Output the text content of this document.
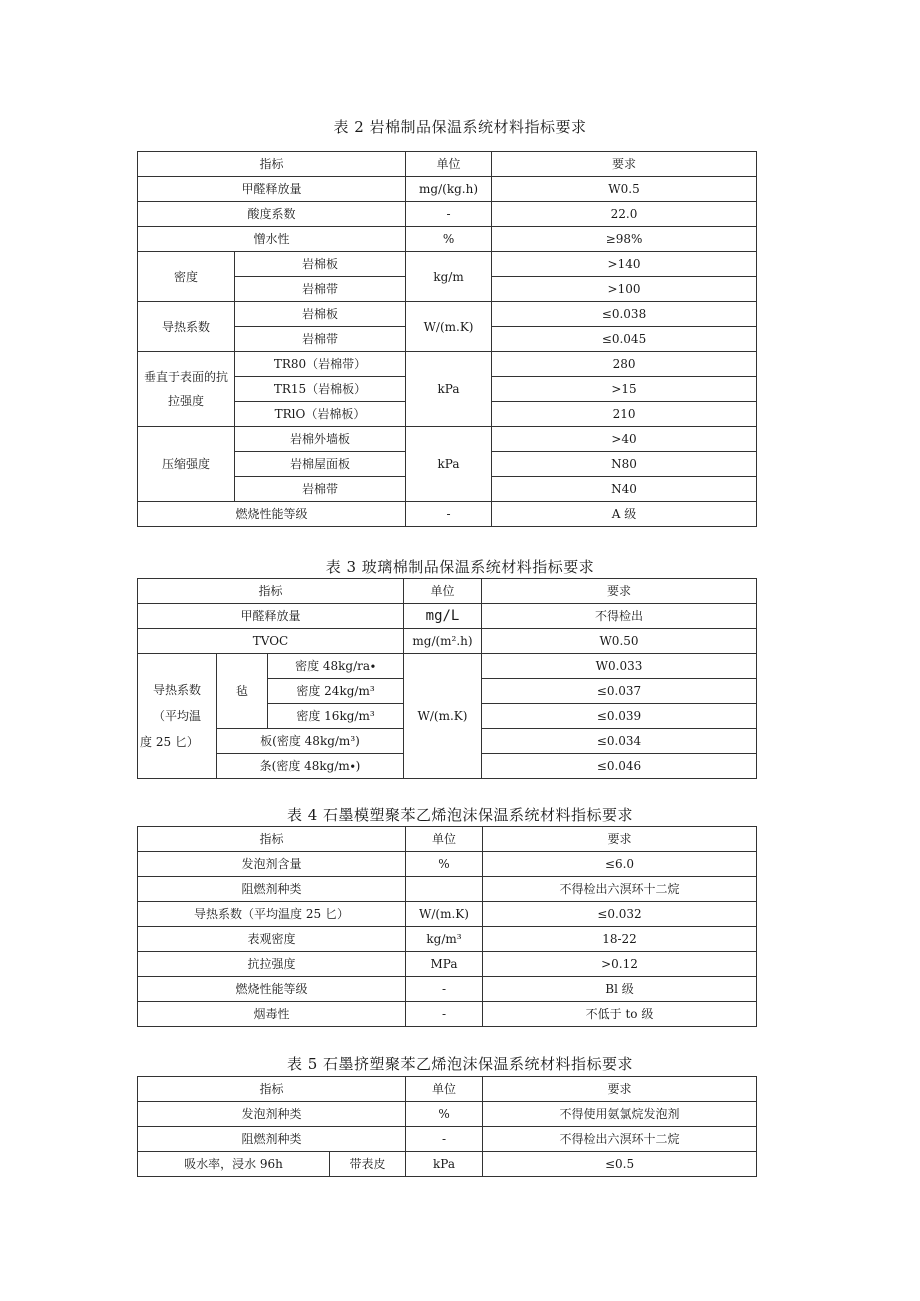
表 2 岩棉制品保温系统材料指标要求
指标		单位	要求
甲醛释放量		mg∕(kg.h)	W0.5
酸度系数		-	22.0
憎水性		%	≥98%
密度	岩棉板	kg/m	>140
	岩棉带		>100
导热系数	岩棉板	W∕(m.K)	≤0.038
	岩棉带		≤0.045
垂直于表面的抗拉强度	TR80（岩棉带）	kPa	280
	TR15（岩棉板）		>15
	TRlO（岩棉板）		210
压缩强度	岩棉外墙板	kPa	>40
	岩棉屋面板		N80
	岩棉带		N40
燃烧性能等级		-	A 级
表 3 玻璃棉制品保温系统材料指标要求
指标			单位	要求
甲醛释放量			mg/L	不得检出
TVOC			mg∕(m².h)	W0.50

导热系数
（平均温
度 25 匕）	毡	密度 48kg∕ra∙	W∕(m.K)	W0.033
		密度 24kg∕m³		≤0.037
		密度 16kg∕m³		≤0.039
	板(密度 48kg∕m³)			≤0.034
	条(密度 48kg∕m∙)			≤0.046
表 4 石墨模塑聚苯乙烯泡沫保温系统材料指标要求
指标	单位	要求
发泡剂含量	%	≤6.0
阻燃剂种类		不得检出六溟环十二烷
导热系数（平均温度 25 匕）	W∕(m.K)	≤0.032
表观密度	kg∕m³	18-22
抗拉强度	MPa	>0.12
燃烧性能等级	-	Bl 级
烟毒性	-	不低于 to 级
表 5 石墨挤塑聚苯乙烯泡沫保温系统材料指标要求
指标		单位	要求
发泡剂种类		%	不得使用氨氯烷发泡剂
阻燃剂种类		-	不得检出六溟环十二烷
吸水率，浸水 96h	带表皮	kPa	≤0.5
